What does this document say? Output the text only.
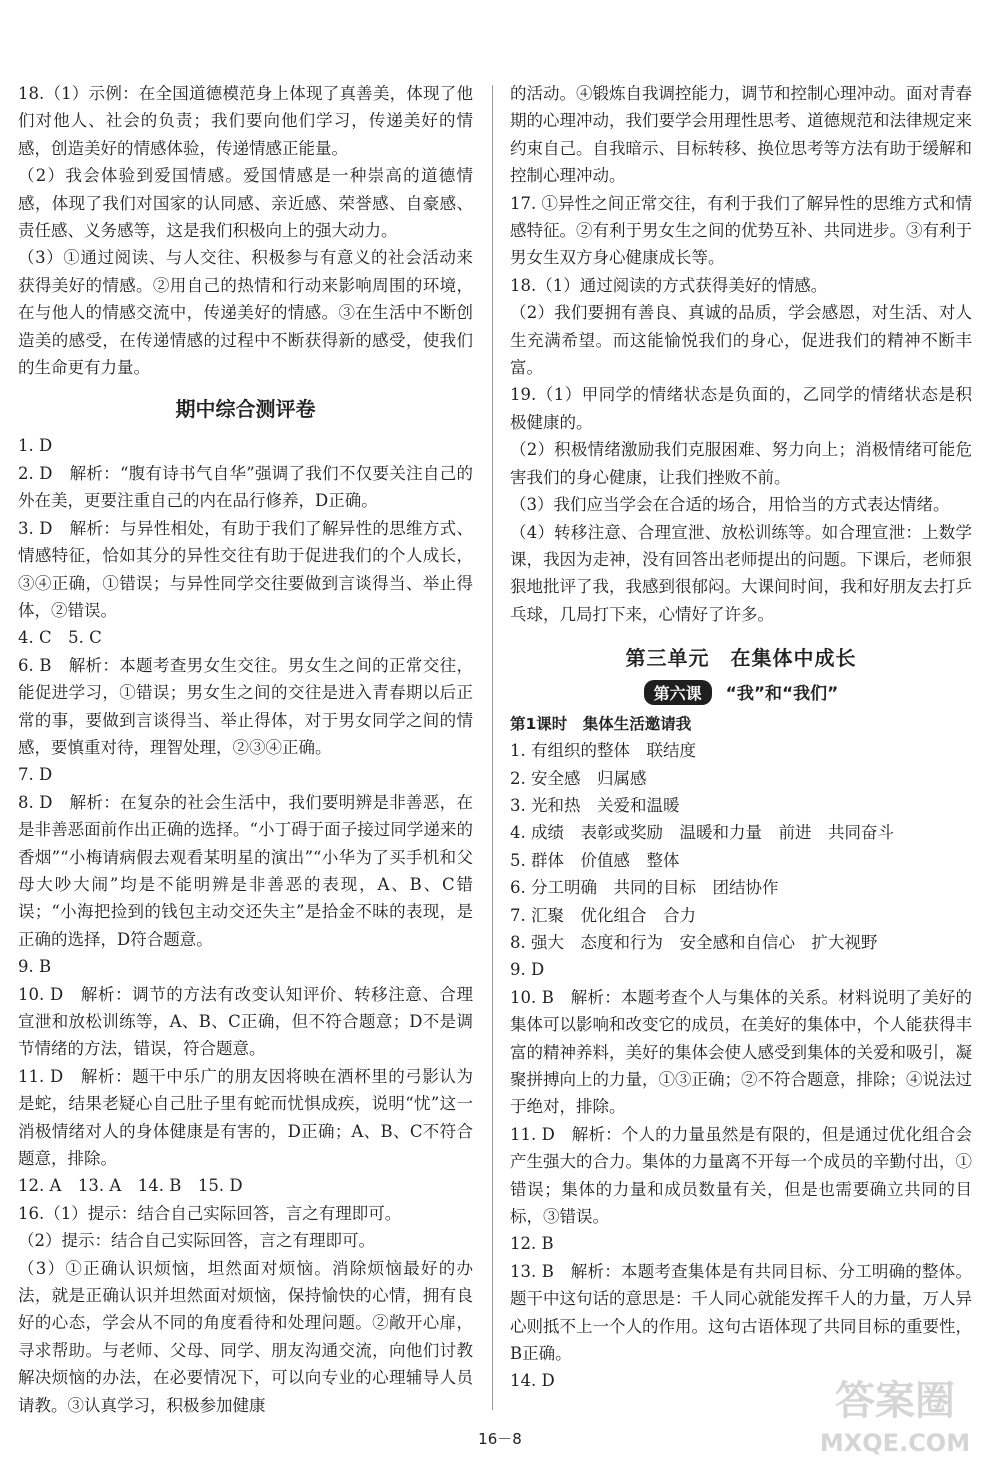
18.（1）示例：在全国道德模范身上体现了真善美，体现了他们对他人、社会的负责；我们要向他们学习，传递美好的情感，创造美好的情感体验，传递情感正能量。
（2）我会体验到爱国情感。爱国情感是一种崇高的道德情感，体现了我们对国家的认同感、亲近感、荣誉感、自豪感、责任感、义务感等，这是我们积极向上的强大动力。
（3）①通过阅读、与人交往、积极参与有意义的社会活动来获得美好的情感。②用自己的热情和行动来影响周围的环境，在与他人的情感交流中，传递美好的情感。③在生活中不断创造美的感受，在传递情感的过程中不断获得新的感受，使我们的生命更有力量。
期中综合测评卷
1. D
2. D　解析：“腹有诗书气自华”强调了我们不仅要关注自己的外在美，更要注重自己的内在品行修养，D正确。
3. D　解析：与异性相处，有助于我们了解异性的思维方式、情感特征，恰如其分的异性交往有助于促进我们的个人成长，③④正确，①错误；与异性同学交往要做到言谈得当、举止得体，②错误。
4. C　5. C
6. B　解析：本题考查男女生交往。男女生之间的正常交往，能促进学习，①错误；男女生之间的交往是进入青春期以后正常的事，要做到言谈得当、举止得体，对于男女同学之间的情感，要慎重对待，理智处理，②③④正确。
7. D
8. D　解析：在复杂的社会生活中，我们要明辨是非善恶，在是非善恶面前作出正确的选择。“小丁碍于面子接过同学递来的香烟”“小梅请病假去观看某明星的演出”“小华为了买手机和父母大吵大闹”均是不能明辨是非善恶的表现，A、B、C错误；“小海把捡到的钱包主动交还失主”是拾金不昧的表现，是正确的选择，D符合题意。
9. B
10. D　解析：调节的方法有改变认知评价、转移注意、合理宣泄和放松训练等，A、B、C正确，但不符合题意；D不是调节情绪的方法，错误，符合题意。
11. D　解析：题干中乐广的朋友因将映在酒杯里的弓影认为是蛇，结果老疑心自己肚子里有蛇而忧惧成疾，说明“忧”这一消极情绪对人的身体健康是有害的，D正确；A、B、C不符合题意，排除。
12. A　13. A　14. B　15. D
16.（1）提示：结合自己实际回答，言之有理即可。
（2）提示：结合自己实际回答，言之有理即可。
（3）①正确认识烦恼，坦然面对烦恼。消除烦恼最好的办法，就是正确认识并坦然面对烦恼，保持愉快的心情，拥有良好的心态，学会从不同的角度看待和处理问题。②敞开心扉，寻求帮助。与老师、父母、同学、朋友沟通交流，向他们讨教解决烦恼的办法，在必要情况下，可以向专业的心理辅导人员请教。③认真学习，积极参加健康
的活动。④锻炼自我调控能力，调节和控制心理冲动。面对青春期的心理冲动，我们要学会用理性思考、道德规范和法律规定来约束自己。自我暗示、目标转移、换位思考等方法有助于缓解和控制心理冲动。
17. ①异性之间正常交往，有利于我们了解异性的思维方式和情感特征。②有利于男女生之间的优势互补、共同进步。③有利于男女生双方身心健康成长等。
18.（1）通过阅读的方式获得美好的情感。
（2）我们要拥有善良、真诚的品质，学会感恩，对生活、对人生充满希望。而这能愉悦我们的身心，促进我们的精神不断丰富。
19.（1）甲同学的情绪状态是负面的，乙同学的情绪状态是积极健康的。
（2）积极情绪激励我们克服困难、努力向上；消极情绪可能危害我们的身心健康，让我们挫败不前。
（3）我们应当学会在合适的场合，用恰当的方式表达情绪。
（4）转移注意、合理宣泄、放松训练等。如合理宣泄：上数学课，我因为走神，没有回答出老师提出的问题。下课后，老师狠狠地批评了我，我感到很郁闷。大课间时间，我和好朋友去打乒乓球，几局打下来，心情好了许多。
第三单元　在集体中成长
第六课 “我”和“我们”
第1课时　集体生活邀请我
1. 有组织的整体　联结度
2. 安全感　归属感
3. 光和热　关爱和温暖
4. 成绩　表彰或奖励　温暖和力量　前进　共同奋斗
5. 群体　价值感　整体
6. 分工明确　共同的目标　团结协作
7. 汇聚　优化组合　合力
8. 强大　态度和行为　安全感和自信心　扩大视野
9. D
10. B　解析：本题考查个人与集体的关系。材料说明了美好的集体可以影响和改变它的成员，在美好的集体中，个人能获得丰富的精神养料，美好的集体会使人感受到集体的关爱和吸引，凝聚拼搏向上的力量，①③正确；②不符合题意，排除；④说法过于绝对，排除。
11. D　解析：个人的力量虽然是有限的，但是通过优化组合会产生强大的合力。集体的力量离不开每一个成员的辛勤付出，①错误；集体的力量和成员数量有关，但是也需要确立共同的目标，③错误。
12. B
13. B　解析：本题考查集体是有共同目标、分工明确的整体。题干中这句话的意思是：千人同心就能发挥千人的力量，万人异心则抵不上一个人的作用。这句古语体现了共同目标的重要性，B正确。
14. D
16－8
答案圈
MXQE.COM
